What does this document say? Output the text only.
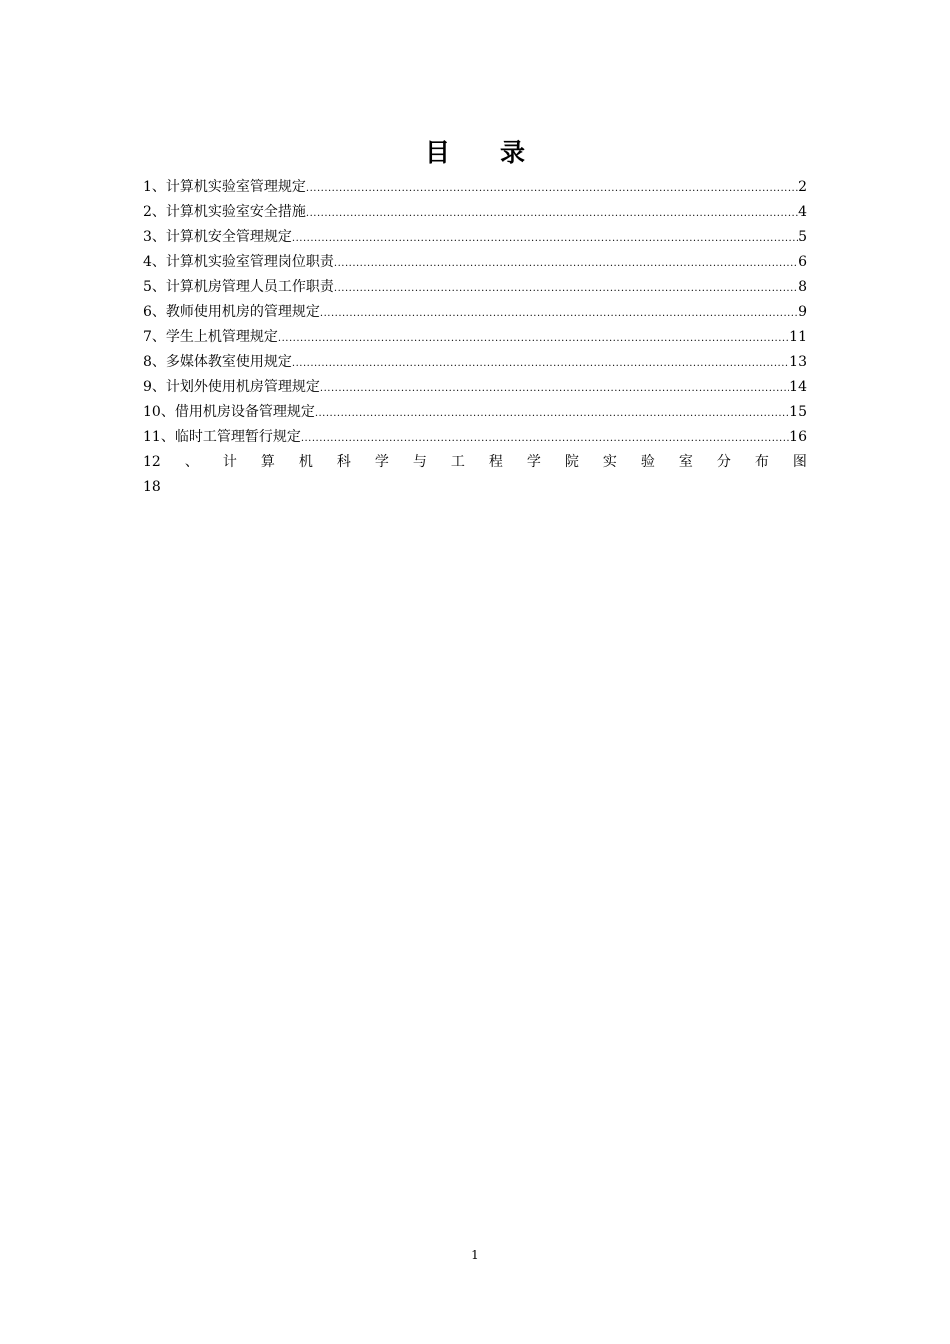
目 录
1、计算机实验室管理规定 .....	2
2、计算机实验室安全措施 .....	4
3、计算机安全管理规定 .....	5
4、计算机实验室管理岗位职责 .....	6
5、计算机房管理人员工作职责 .....	8
6、教师使用机房的管理规定 .....	9
7、学生上机管理规定 .....	11
8、多媒体教室使用规定 .....	13
9、计划外使用机房管理规定 .....	14
10、借用机房设备管理规定 .....	15
11、临时工管理暂行规定 .....	16
12 、 计 算 机 科 学 与 工 程 学 院 实 验 室 分 布 图
18
1
